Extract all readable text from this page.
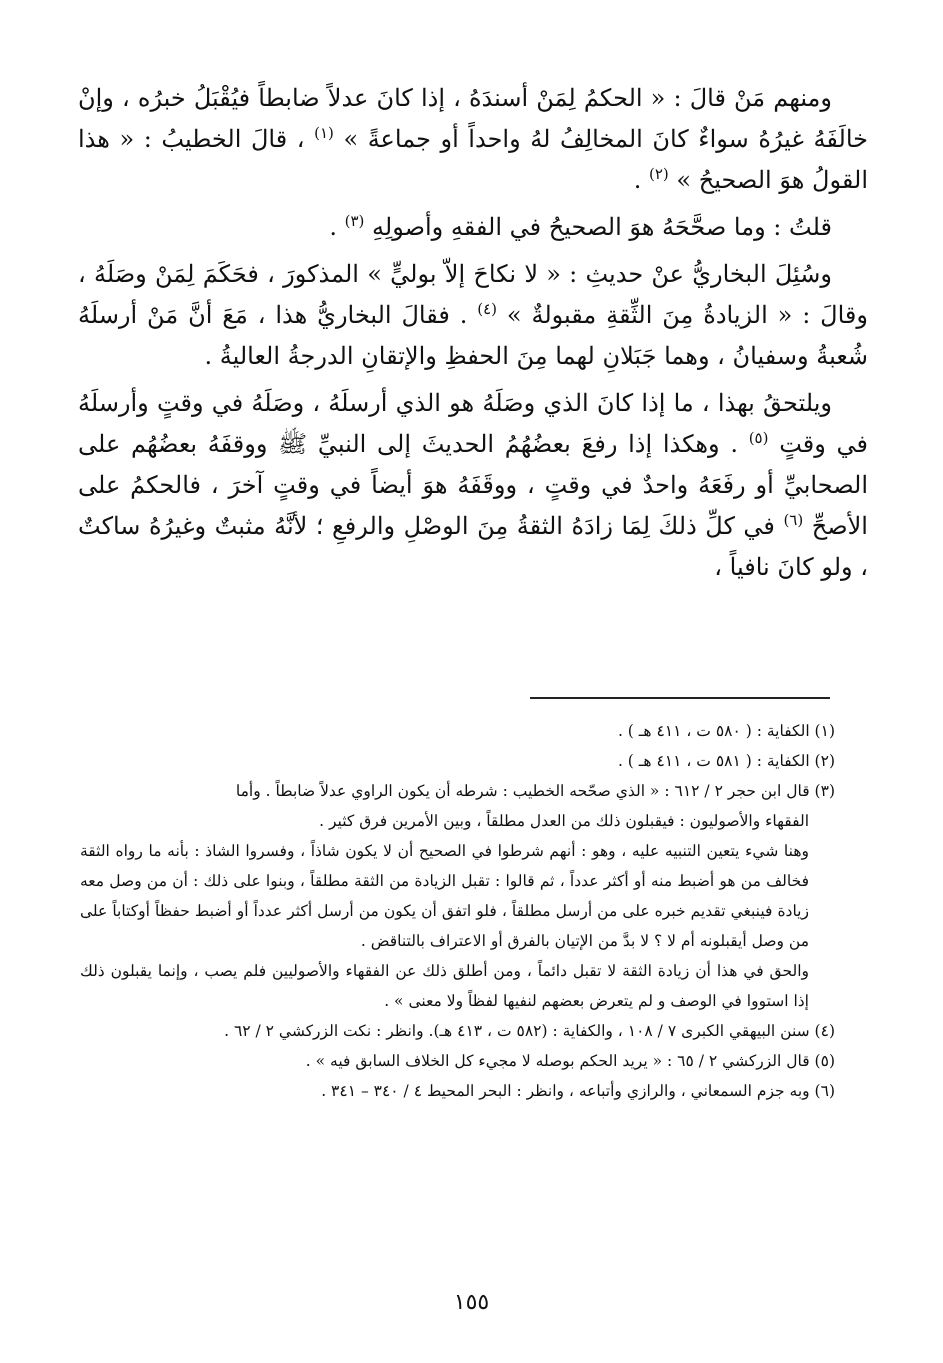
ومنهم مَنْ قالَ : « الحكمُ لِمَنْ أسندَهُ ، إذا كانَ عدلاً ضابطاً فيُقْبَلُ خبرُه ، وإنْ خالَفَهُ غيرُهُ سواءٌ كانَ المخالِفُ لهُ واحداً أو جماعةً » $^{(١)}$ ، قالَ الخطيبُ : « هذا القولُ هوَ الصحيحُ » $^{(٢)}$ .

قلتُ : وما صحَّحَهُ هوَ الصحيحُ في الفقهِ وأصولِهِ $^{(٣)}$ .

وسُئِلَ البخاريُّ عنْ حديثِ : « لا نكاحَ إلاّ بوليٍّ » المذكورَ ، فحَكَمَ لِمَنْ وصَلَهُ ، وقالَ : « الزيادةُ مِنَ الثِّقةِ مقبولةٌ » $^{(٤)}$ . فقالَ البخاريُّ هذا ، مَعَ أنَّ مَنْ أرسلَهُ شُعبةُ وسفيانُ ، وهما جَبَلانِ لهما مِنَ الحفظِ والإتقانِ الدرجةُ العاليةُ .

ويلتحقُ بهذا ، ما إذا كانَ الذي وصَلَهُ هو الذي أرسلَهُ ، وصَلَهُ في وقتٍ وأرسلَهُ في وقتٍ $^{(٥)}$ . وهكذا إذا رفعَ بعضُهُمُ الحديثَ إلى النبيِّ ﷺ ووقفَهُ بعضُهُم على الصحابيِّ أو رفَعَهُ واحدٌ في وقتٍ ، ووقَفَهُ هوَ أيضاً في وقتٍ آخرَ ، فالحكمُ على الأصحِّ $^{(٦)}$ في كلِّ ذلكَ لِمَا زادَهُ الثقةُ مِنَ الوصْلِ والرفعِ ؛ لأنَّهُ مثبتٌ وغيرُهُ ساكتٌ ، ولو كانَ نافياً ،

(١) الكفاية : ( ٥٨٠ ت ، ٤١١ هـ ) .

(٢) الكفاية : ( ٥٨١ ت ، ٤١١ هـ ) .

(٣) قال ابن حجر ٢ / ٦١٢ : « الذي صحّحه الخطيب : شرطه أن يكون الراوي عدلاً ضابطاً . وأما

الفقهاء والأصوليون : فيقبلون ذلك من العدل مطلقاً ، وبين الأمرين فرق كثير .

وهنا شيء يتعين التنبيه عليه ، وهو : أنهم شرطوا في الصحيح أن لا يكون شاذاً ، وفسروا الشاذ : بأنه ما رواه الثقة فخالف من هو أضبط منه أو أكثر عدداً ، ثم قالوا : تقبل الزيادة من الثقة مطلقاً ، وبنوا على ذلك : أن من وصل معه زيادة فينبغي تقديم خبره على من أرسل مطلقاً ، فلو اتفق أن يكون من أرسل أكثر عدداً أو أضبط حفظاً أوكتاباً على من وصل أيقبلونه أم لا ؟ لا بدَّ من الإتيان بالفرق أو الاعتراف بالتناقض .

والحق في هذا أن زيادة الثقة لا تقبل دائماً ، ومن أطلق ذلك عن الفقهاء والأصوليين فلم يصب ، وإنما يقبلون ذلك إذا استووا في الوصف و لم يتعرض بعضهم لنفيها لفظاً ولا معنى » .

(٤) سنن البيهقي الكبرى ٧ / ١٠٨ ، والكفاية : (٥٨٢ ت ، ٤١٣ هـ). وانظر : نكت الزركشي ٢ / ٦٢ .

(٥) قال الزركشي ٢ / ٦٥ : « يريد الحكم بوصله لا مجيء كل الخلاف السابق فيه » .

(٦) وبه جزم السمعاني ، والرازي وأتباعه ، وانظر : البحر المحيط ٤ / ٣٤٠ – ٣٤١ .

١٥٥
